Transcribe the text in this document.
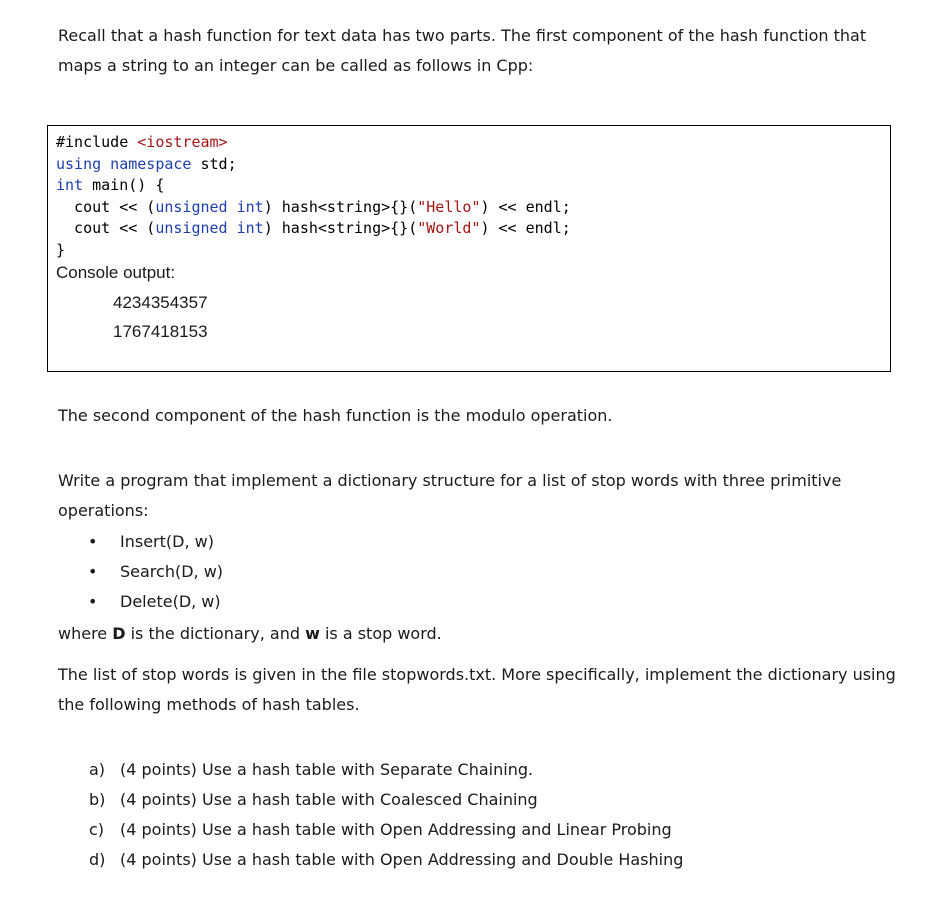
Recall that a hash function for text data has two parts. The first component of the hash function that maps a string to an integer can be called as follows in Cpp:

#include <iostream>
using namespace std;
int main() {
cout << (unsigned int) hash<string>{}("Hello") << endl;
cout << (unsigned int) hash<string>{}("World") << endl;
}
Console output:
4234354357
1767418153

The second component of the hash function is the modulo operation.

Write a program that implement a dictionary structure for a list of stop words with three primitive operations:

• Insert(D, w)
• Search(D, w)
• Delete(D, w)

where D is the dictionary, and w is a stop word.

The list of stop words is given in the file stopwords.txt. More specifically, implement the dictionary using the following methods of hash tables.

a) (4 points) Use a hash table with Separate Chaining.
b) (4 points) Use a hash table with Coalesced Chaining
c) (4 points) Use a hash table with Open Addressing and Linear Probing
d) (4 points) Use a hash table with Open Addressing and Double Hashing
